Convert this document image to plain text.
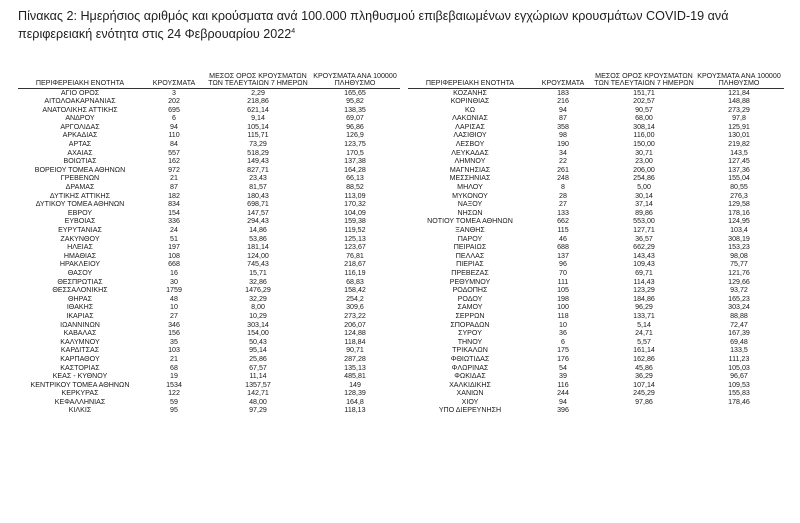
Πίνακας 2: Ημερήσιος αριθμός και κρούσματα ανά 100.000 πληθυσμού επιβεβαιωμένων εγχώριων κρουσμάτων COVID-19 ανά περιφερειακή ενότητα στις 24 Φεβρουαρίου 2022$^4$
ΠΕΡΙΦΕΡΕΙΑΚΗ ΕΝΟΤΗΤΑ	ΚΡΟΥΣΜΑΤΑ	ΜΕΣΟΣ ΟΡΟΣ ΚΡΟΥΣΜΑΤΩΝ ΤΩΝ ΤΕΛΕΥΤΑΙΩΝ 7 ΗΜΕΡΩΝ	ΚΡΟΥΣΜΑΤΑ ΑΝΑ 100000 ΠΛΗΘΥΣΜΟ		ΠΕΡΙΦΕΡΕΙΑΚΗ ΕΝΟΤΗΤΑ	ΚΡΟΥΣΜΑΤΑ	ΜΕΣΟΣ ΟΡΟΣ ΚΡΟΥΣΜΑΤΩΝ ΤΩΝ ΤΕΛΕΥΤΑΙΩΝ 7 ΗΜΕΡΩΝ	ΚΡΟΥΣΜΑΤΑ ΑΝΑ 100000 ΠΛΗΘΥΣΜΟ
ΑΓΙΟ ΟΡΟΣ	3	2,29	165,65		ΚΟΖΑΝΗΣ	183	151,71	121,84
ΑΙΤΩΛΟΑΚΑΡΝΑΝΙΑΣ	202	218,86	95,82		ΚΟΡΙΝΘΙΑΣ	216	202,57	148,88
ΑΝΑΤΟΛΙΚΗΣ ΑΤΤΙΚΗΣ	695	621,14	138,35		ΚΩ	94	90,57	273,29
ΑΝΔΡΟΥ	6	9,14	69,07		ΛΑΚΩΝΙΑΣ	87	68,00	97,8
ΑΡΓΟΛΙΔΑΣ	94	105,14	96,86		ΛΑΡΙΣΑΣ	358	308,14	125,91
ΑΡΚΑΔΙΑΣ	110	115,71	126,9		ΛΑΣΙΘΙΟΥ	98	116,00	130,01
ΑΡΤΑΣ	84	73,29	123,75		ΛΕΣΒΟΥ	190	150,00	219,82
ΑΧΑΙΑΣ	557	518,29	170,5		ΛΕΥΚΑΔΑΣ	34	30,71	143,5
ΒΟΙΩΤΙΑΣ	162	149,43	137,38		ΛΗΜΝΟΥ	22	23,00	127,45
ΒΟΡΕΙΟΥ ΤΟΜΕΑ ΑΘΗΝΩΝ	972	827,71	164,28		ΜΑΓΝΗΣΙΑΣ	261	206,00	137,36
ΓΡΕΒΕΝΩΝ	21	23,43	66,13		ΜΕΣΣΗΝΙΑΣ	248	254,86	155,04
ΔΡΑΜΑΣ	87	81,57	88,52		ΜΗΛΟΥ	8	5,00	80,55
ΔΥΤΙΚΗΣ ΑΤΤΙΚΗΣ	182	180,43	113,09		ΜΥΚΟΝΟΥ	28	30,14	276,3
ΔΥΤΙΚΟΥ ΤΟΜΕΑ ΑΘΗΝΩΝ	834	698,71	170,32		ΝΑΞΟΥ	27	37,14	129,58
ΕΒΡΟΥ	154	147,57	104,09		ΝΗΣΩΝ	133	89,86	178,16
ΕΥΒΟΙΑΣ	336	294,43	159,38		ΝΟΤΙΟΥ ΤΟΜΕΑ ΑΘΗΝΩΝ	662	553,00	124,95
ΕΥΡΥΤΑΝΙΑΣ	24	14,86	119,52		ΞΑΝΘΗΣ	115	127,71	103,4
ΖΑΚΥΝΘΟΥ	51	53,86	125,13		ΠΑΡΟΥ	46	36,57	308,19
ΗΛΕΙΑΣ	197	181,14	123,67		ΠΕΙΡΑΙΩΣ	688	662,29	153,23
ΗΜΑΘΙΑΣ	108	124,00	76,81		ΠΕΛΛΑΣ	137	143,43	98,08
ΗΡΑΚΛΕΙΟΥ	668	745,43	218,67		ΠΙΕΡΙΑΣ	96	109,43	75,77
ΘΑΣΟΥ	16	15,71	116,19		ΠΡΕΒΕΖΑΣ	70	69,71	121,76
ΘΕΣΠΡΩΤΙΑΣ	30	32,86	68,83		ΡΕΘΥΜΝΟΥ	111	114,43	129,66
ΘΕΣΣΑΛΟΝΙΚΗΣ	1759	1476,29	158,42		ΡΟΔΟΠΗΣ	105	123,29	93,72
ΘΗΡΑΣ	48	32,29	254,2		ΡΟΔΟΥ	198	184,86	165,23
ΙΘΑΚΗΣ	10	8,00	309,6		ΣΑΜΟΥ	100	96,29	303,24
ΙΚΑΡΙΑΣ	27	10,29	273,22		ΣΕΡΡΩΝ	118	133,71	88,88
ΙΩΑΝΝΙΝΩΝ	346	303,14	206,07		ΣΠΟΡΑΔΩΝ	10	5,14	72,47
ΚΑΒΑΛΑΣ	156	154,00	124,88		ΣΥΡΟΥ	36	24,71	167,39
ΚΑΛΥΜΝΟΥ	35	50,43	118,84		ΤΗΝΟΥ	6	5,57	69,48
ΚΑΡΔΙΤΣΑΣ	103	95,14	90,71		ΤΡΙΚΑΛΩΝ	175	161,14	133,5
ΚΑΡΠΑΘΟΥ	21	25,86	287,28		ΦΘΙΩΤΙΔΑΣ	176	162,86	111,23
ΚΑΣΤΟΡΙΑΣ	68	67,57	135,13		ΦΛΩΡΙΝΑΣ	54	45,86	105,03
ΚΕΑΣ - ΚΥΘΝΟΥ	19	11,14	485,81		ΦΩΚΙΔΑΣ	39	36,29	96,67
ΚΕΝΤΡΙΚΟΥ ΤΟΜΕΑ ΑΘΗΝΩΝ	1534	1357,57	149		ΧΑΛΚΙΔΙΚΗΣ	116	107,14	109,53
ΚΕΡΚΥΡΑΣ	122	142,71	128,39		ΧΑΝΙΩΝ	244	245,29	155,83
ΚΕΦΑΛΛΗΝΙΑΣ	59	48,00	164,8		ΧΙΟΥ	94	97,86	178,46
ΚΙΛΚΙΣ	95	97,29	118,13		ΥΠΟ ΔΙΕΡΕΥΝΗΣΗ	396		
